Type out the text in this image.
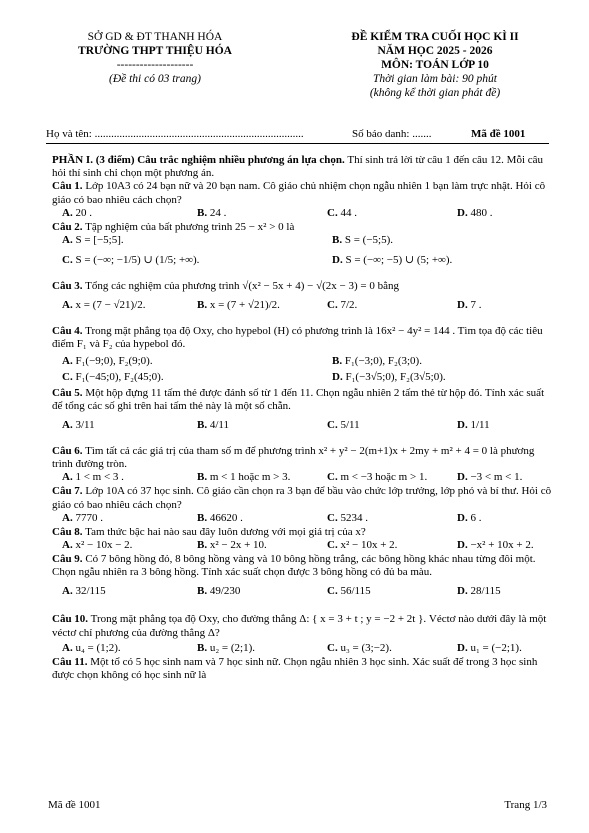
SỞ GD & ĐT THANH HÓA
TRƯỜNG THPT THIỆU HÓA
--------------------
(Đề thi có 03 trang)
ĐỀ KIỂM TRA CUỐI HỌC KÌ II
NĂM HỌC 2025 - 2026
MÔN: TOÁN LỚP 10
Thời gian làm bài: 90 phút
(không kể thời gian phát đề)
Họ và tên: ............................................................................	Số báo danh: .......	Mã đề 1001

PHẦN I. (3 điểm) Câu trắc nghiệm nhiều phương án lựa chọn. Thí sinh trả lời từ câu 1 đến câu 12. Mỗi câu hỏi thí sinh chỉ chọn một phương án.

Câu 1. Lớp 10A3 có 24 bạn nữ và 20 bạn nam. Cô giáo chủ nhiệm chọn ngẫu nhiên 1 bạn làm trực nhật. Hỏi cô giáo có bao nhiêu cách chọn?

A. 20 .	B. 24 .	C. 44 .	D. 480 .

Câu 2. Tập nghiệm của bất phương trình 25 − x² > 0 là

A. S = [−5;5].	B. S = (−5;5).
C. S = (−∞; −1/5) ∪ (1/5; +∞).	D. S = (−∞; −5) ∪ (5; +∞).

Câu 3. Tổng các nghiệm của phương trình √(x² − 5x + 4) − √(2x − 3) = 0 bằng

A. x = (7 − √21)/2.	B. x = (7 + √21)/2.	C. 7/2.	D. 7 .

Câu 4. Trong mặt phẳng tọa độ Oxy, cho hypebol (H) có phương trình là 16x² − 4y² = 144 . Tìm tọa độ các tiêu điểm F₁ và F₂ của hypebol đó.

A. F₁(−9;0), F₂(9;0).	B. F₁(−3;0), F₂(3;0).
C. F₁(−45;0), F₂(45;0).	D. F₁(−3√5;0), F₂(3√5;0).

Câu 5. Một hộp đựng 11 tấm thẻ được đánh số từ 1 đến 11. Chọn ngẫu nhiên 2 tấm thẻ từ hộp đó. Tính xác suất để tổng các số ghi trên hai tấm thẻ này là một số chẵn.

A. 3/11	B. 4/11	C. 5/11	D. 1/11

Câu 6. Tìm tất cả các giá trị của tham số m để phương trình x² + y² − 2(m+1)x + 2my + m² + 4 = 0 là phương trình đường tròn.

A. 1 < m < 3 .	B. m < 1 hoặc m > 3.	C. m < −3 hoặc m > 1.	D. −3 < m < 1.

Câu 7. Lớp 10A có 37 học sinh. Cô giáo cần chọn ra 3 bạn để bầu vào chức lớp trưởng, lớp phó và bí thư. Hỏi cô giáo có bao nhiêu cách chọn?

A. 7770 .	B. 46620 .	C. 5234 .	D. 6 .

Câu 8. Tam thức bậc hai nào sau đây luôn dương với mọi giá trị của x?

A. x² − 10x − 2.	B. x² − 2x + 10.	C. x² − 10x + 2.	D. −x² + 10x + 2.

Câu 9. Có 7 bông hồng đỏ, 8 bông hồng vàng và 10 bông hồng trắng, các bông hồng khác nhau từng đôi một. Chọn ngẫu nhiên ra 3 bông hồng. Tính xác suất chọn được 3 bông hồng có đủ ba màu.

A. 32/115	B. 49/230	C. 56/115	D. 28/115

Câu 10. Trong mặt phẳng tọa độ Oxy, cho đường thẳng Δ: { x = 3 + t ; y = −2 + 2t }. Véctơ nào dưới đây là một véctơ chỉ phương của đường thẳng Δ?

A. u₄ = (1;2).	B. u₂ = (2;1).	C. u₃ = (3;−2).	D. u₁ = (−2;1).

Câu 11. Một tổ có 5 học sinh nam và 7 học sinh nữ. Chọn ngẫu nhiên 3 học sinh. Xác suất để trong 3 học sinh được chọn không có học sinh nữ là

Mã đề 1001	Trang 1/3
